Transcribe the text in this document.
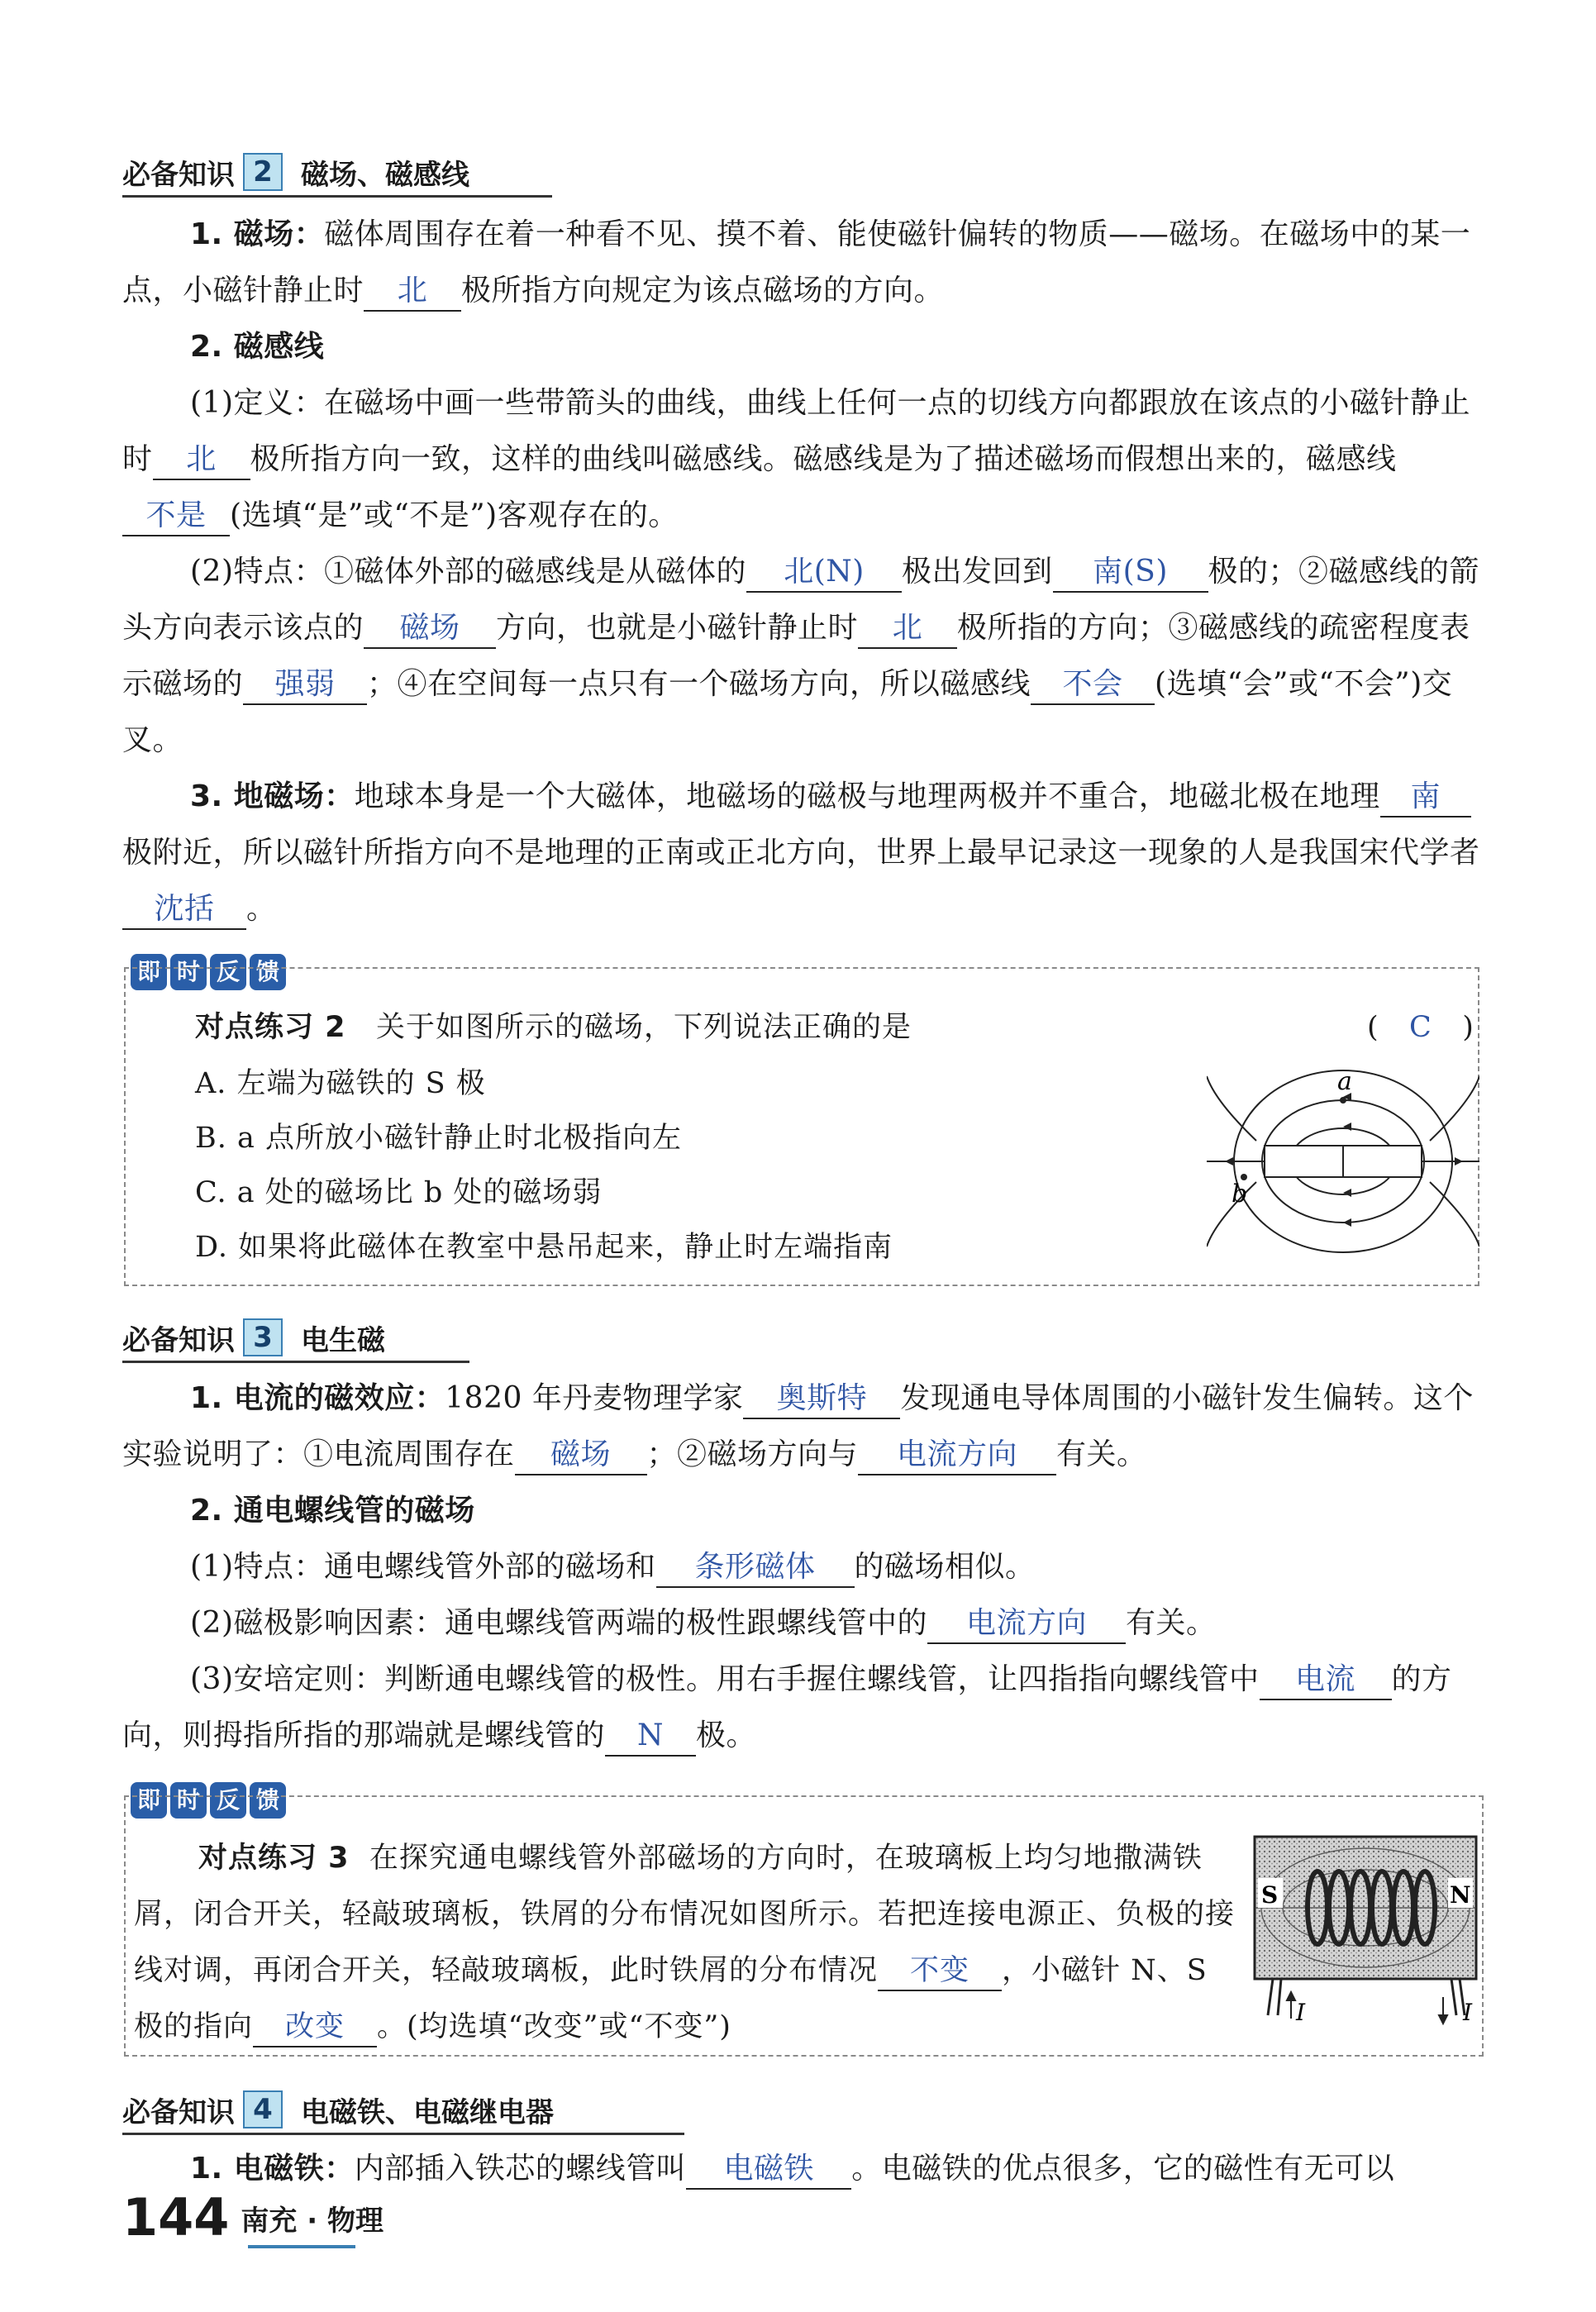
必备知识 2	磁场、磁感线
1. 磁场：磁体周围存在着一种看不见、摸不着、能使磁针偏转的物质——磁场。在磁场中的某一点，小磁针静止时 北 极所指方向规定为该点磁场的方向。
2. 磁感线
(1)定义：在磁场中画一些带箭头的曲线，曲线上任何一点的切线方向都跟放在该点的小磁针静止时 北 极所指方向一致，这样的曲线叫磁感线。磁感线是为了描述磁场而假想出来的，磁感线不是 (选填“是”或“不是”)客观存在的。
(2)特点：①磁体外部的磁感线是从磁体的 北(N) 极出发回到 南(S) 极的；②磁感线的箭头方向表示该点的 磁场 方向，也就是小磁针静止时 北 极所指的方向；③磁感线的疏密程度表示磁场的 强弱 ；④在空间每一点只有一个磁场方向，所以磁感线 不会 (选填“会”或“不会”)交叉。
3. 地磁场：地球本身是一个大磁体，地磁场的磁极与地理两极并不重合，地磁北极在地理 南极附近，所以磁针所指方向不是地理的正南或正北方向，世界上最早记录这一现象的人是我国宋代学者沈括 。
即 时 反 馈
对点练习 2 关于如图所示的磁场，下列说法正确的是	(   C   )
A. 左端为磁铁的 S 极
B. a 点所放小磁针静止时北极指向左
C. a 处的磁场比 b 处的磁场弱
D. 如果将此磁体在教室中悬吊起来，静止时左端指南
a
b
必备知识 3	电生磁
1. 电流的磁效应：1820 年丹麦物理学家 奥斯特 发现通电导体周围的小磁针发生偏转。这个实验说明了：①电流周围存在 磁场 ；②磁场方向与 电流方向 有关。
2. 通电螺线管的磁场
(1)特点：通电螺线管外部的磁场和 条形磁体 的磁场相似。
(2)磁极影响因素：通电螺线管两端的极性跟螺线管中的 电流方向 有关。
(3)安培定则：判断通电螺线管的极性。用右手握住螺线管，让四指指向螺线管中 电流 的方向，则拇指所指的那端就是螺线管的 N 极。
即 时 反 馈
对点练习 3 在探究通电螺线管外部磁场的方向时，在玻璃板上均匀地撒满铁屑，闭合开关，轻敲玻璃板，铁屑的分布情况如图所示。若把连接电源正、负极的接线对调，再闭合开关，轻敲玻璃板，此时铁屑的分布情况 不变 ，小磁针 N、S 极的指向 改变 。(均选填“改变”或“不变”)
S	N
I	I
必备知识 4	电磁铁、电磁继电器
1. 电磁铁：内部插入铁芯的螺线管叫 电磁铁 。电磁铁的优点很多，它的磁性有无可以
144 南充 · 物理
